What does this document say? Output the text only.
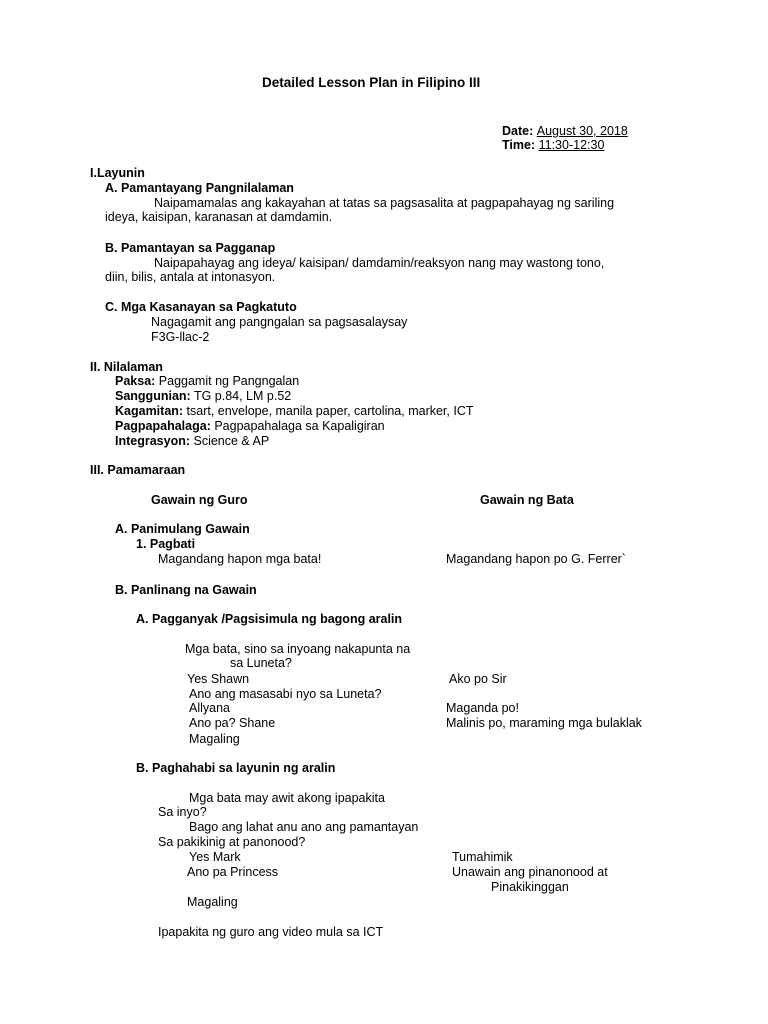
Detailed Lesson Plan in Filipino III
Date: August 30, 2018
Time: 11:30-12:30
I.Layunin
A. Pamantayang Pangnilalaman
Naipamamalas ang kakayahan at tatas sa pagsasalita at pagpapahayag ng sariling
ideya, kaisipan, karanasan at damdamin.
B. Pamantayan sa Pagganap
Naipapahayag ang ideya/ kaisipan/ damdamin/reaksyon nang may wastong tono,
diin, bilis, antala at intonasyon.
C. Mga Kasanayan sa Pagkatuto
Nagagamit ang pangngalan sa pagsasalaysay
F3G-llac-2
II. Nilalaman
Paksa: Paggamit ng Pangngalan
Sanggunian: TG p.84, LM p.52
Kagamitan: tsart, envelope, manila paper, cartolina, marker, ICT
Pagpapahalaga: Pagpapahalaga sa Kapaligiran
Integrasyon: Science & AP
III. Pamamaraan
Gawain ng Guro	Gawain ng Bata
A. Panimulang Gawain
1. Pagbati
Magandang hapon mga bata!	Magandang hapon po G. Ferrer`
B. Panlinang na Gawain
A. Pagganyak /Pagsisimula ng bagong aralin
Mga bata, sino sa inyoang nakapunta na
sa Luneta?
Yes Shawn	Ako po Sir
Ano ang masasabi nyo sa Luneta?
Allyana	Maganda po!
Ano pa? Shane	Malinis po, maraming mga bulaklak
Magaling
B. Paghahabi sa layunin ng aralin
Mga bata may awit akong ipapakita
Sa inyo?
Bago ang lahat anu ano ang pamantayan
Sa pakikinig at panonood?
Yes Mark	Tumahimik
Ano pa Princess	Unawain ang pinanonood at
Pinakikinggan
Magaling
Ipapakita ng guro ang video mula sa ICT
